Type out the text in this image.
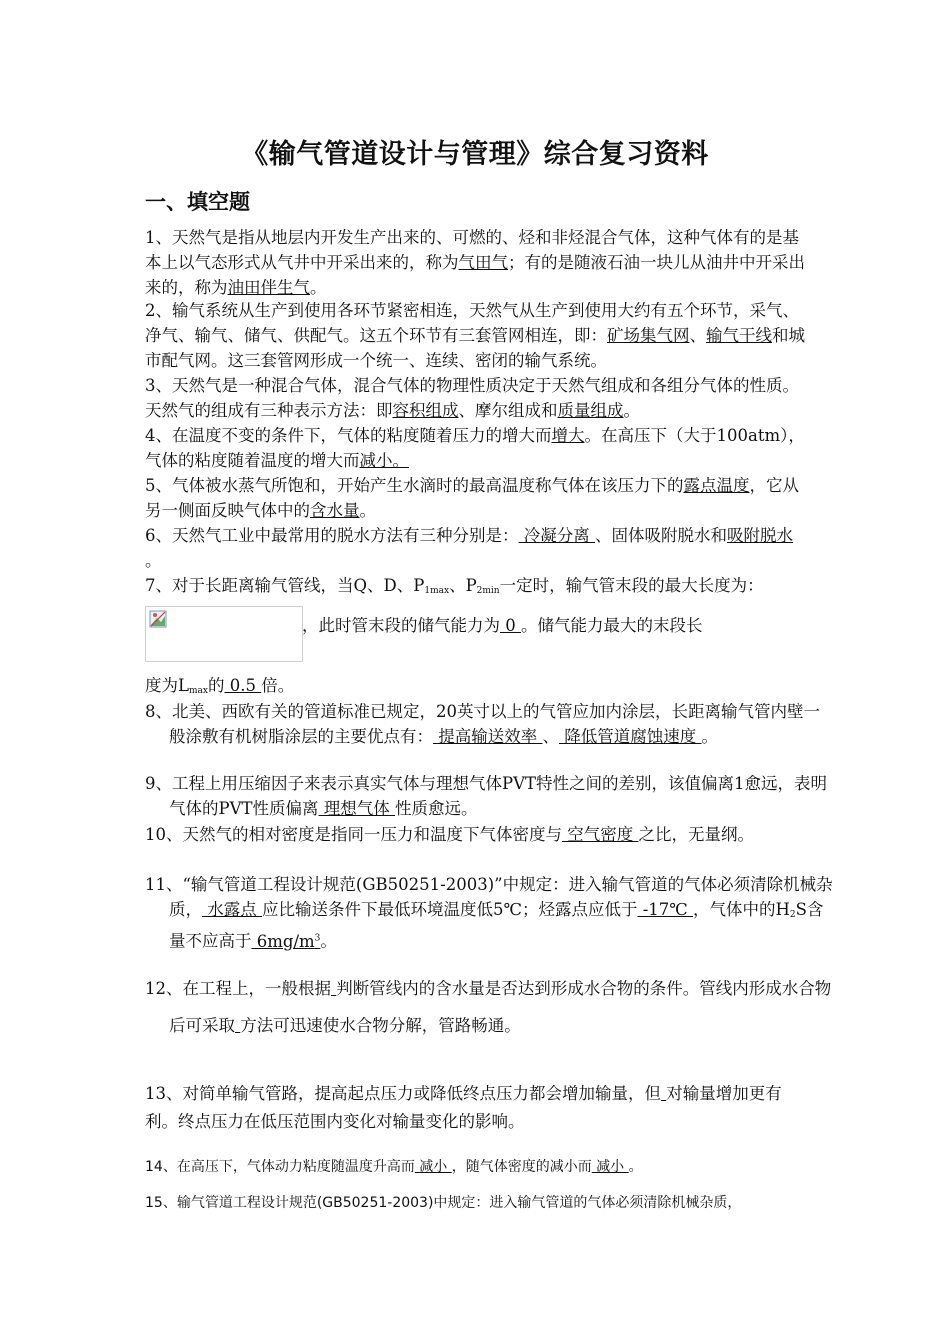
《输气管道设计与管理》综合复习资料
一、填空题

1、天然气是指从地层内开发生产出来的、可燃的、烃和非烃混合气体，这种气体有的是基本上以气态形式从气井中开采出来的，称为气田气；有的是随液石油一块儿从油井中开采出来的，称为油田伴生气。

2、输气系统从生产到使用各环节紧密相连，天然气从生产到使用大约有五个环节，采气、净气、输气、储气、供配气。这五个环节有三套管网相连，即：矿场集气网、输气干线和城市配气网。这三套管网形成一个统一、连续、密闭的输气系统。

3、天然气是一种混合气体，混合气体的物理性质决定于天然气组成和各组分气体的性质。天然气的组成有三种表示方法：即容积组成、摩尔组成和质量组成。

4、在温度不变的条件下，气体的粘度随着压力的增大而增大。在高压下（大于100atm），气体的粘度随着温度的增大而减小。

5、气体被水蒸气所饱和，开始产生水滴时的最高温度称气体在该压力下的露点温度，它从另一侧面反映气体中的含水量。

6、天然气工业中最常用的脱水方法有三种分别是： 冷凝分离 、固体吸附脱水和吸附脱水 。

7、对于长距离输气管线，当Q、D、$P_{1max}$、$P_{2min}$一定时，输气管末段的最大长度为：

，此时管末段的储气能力为 0 。储气能力最大的末段长

度为$L_{max}$的 0.5 倍。

8、北美、西欧有关的管道标准已规定，20英寸以上的气管应加内涂层，长距离输气管内壁一般涂敷有机树脂涂层的主要优点有： 提高输送效率 、 降低管道腐蚀速度 。

9、工程上用压缩因子来表示真实气体与理想气体PVT特性之间的差别，该值偏离1愈远，表明气体的PVT性质偏离 理想气体 性质愈远。

10、天然气的相对密度是指同一压力和温度下气体密度与 空气密度 之比，无量纲。

11、“输气管道工程设计规范(GB50251-2003)”中规定：进入输气管道的气体必须清除机械杂质， 水露点 应比输送条件下最低环境温度低5℃；烃露点应低于 -17℃ ，气体中的$H_2S$含量不应高于 $6mg/m^3$。

12、在工程上，一般根据 判断管线内的含水量是否达到形成水合物的条件。管线内形成水合物后可采取 方法可迅速使水合物分解，管路畅通。

13、对简单输气管路，提高起点压力或降低终点压力都会增加输量，但 对输量增加更有利。终点压力在低压范围内变化对输量变化的影响。

14、在高压下，气体动力粘度随温度升高而 减小 ，随气体密度的减小而 减小 。

15、输气管道工程设计规范(GB50251-2003)中规定：进入输气管道的气体必须清除机械杂质，
